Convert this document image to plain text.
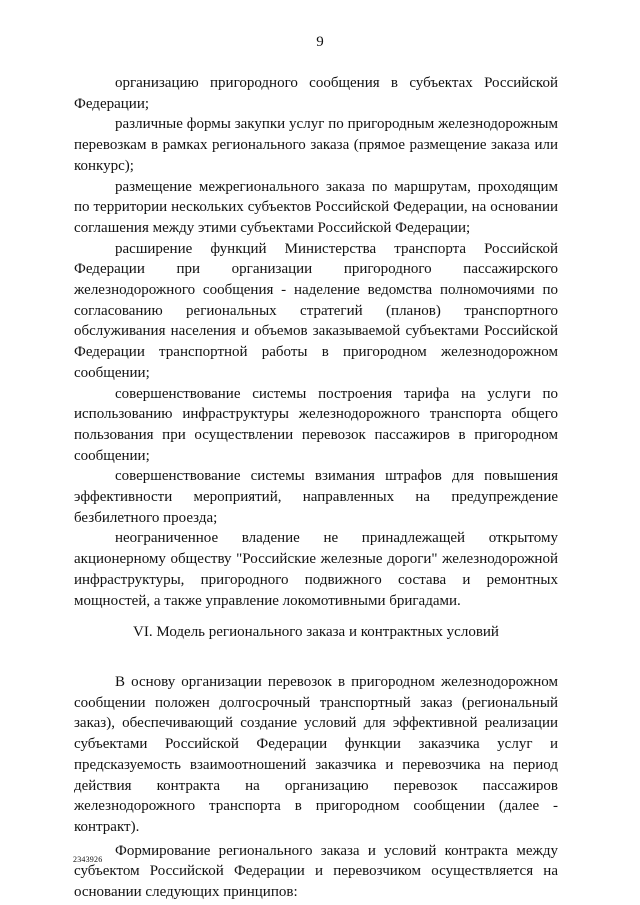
9

организацию пригородного сообщения в субъектах Российской Федерации;

различные формы закупки услуг по пригородным железнодорожным перевозкам в рамках регионального заказа (прямое размещение заказа или конкурс);

размещение межрегионального заказа по маршрутам, проходящим по территории нескольких субъектов Российской Федерации, на основании соглашения между этими субъектами Российской Федерации;

расширение функций Министерства транспорта Российской Федерации при организации пригородного пассажирского железнодорожного сообщения - наделение ведомства полномочиями по согласованию региональных стратегий (планов) транспортного обслуживания населения и объемов заказываемой субъектами Российской Федерации транспортной работы в пригородном железнодорожном сообщении;

совершенствование системы построения тарифа на услуги по использованию инфраструктуры железнодорожного транспорта общего пользования при осуществлении перевозок пассажиров в пригородном сообщении;

совершенствование системы взимания штрафов для повышения эффективности мероприятий, направленных на предупреждение безбилетного проезда;

неограниченное владение не принадлежащей открытому акционерному обществу "Российские железные дороги" железнодорожной инфраструктуры, пригородного подвижного состава и ремонтных мощностей, а также управление локомотивными бригадами.

VI. Модель регионального заказа и контрактных условий

В основу организации перевозок в пригородном железнодорожном сообщении положен долгосрочный транспортный заказ (региональный заказ), обеспечивающий создание условий для эффективной реализации субъектами Российской Федерации функции заказчика услуг и предсказуемость взаимоотношений заказчика и перевозчика на период действия контракта на организацию перевозок пассажиров железнодорожного транспорта в пригородном сообщении (далее - контракт).

Формирование регионального заказа и условий контракта между субъектом Российской Федерации и перевозчиком осуществляется на основании следующих принципов:

2343926
